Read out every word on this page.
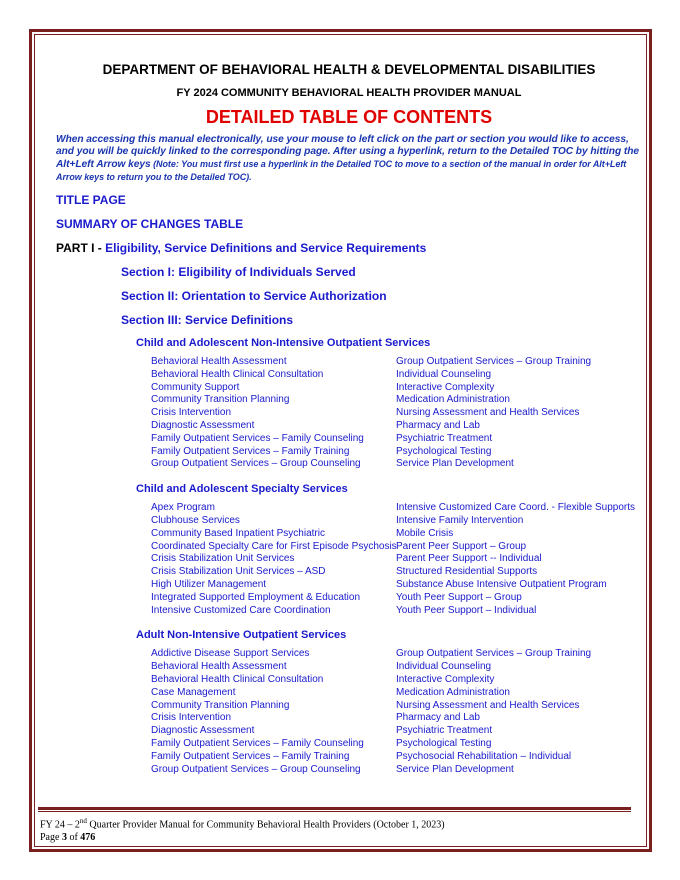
DEPARTMENT OF BEHAVIORAL HEALTH & DEVELOPMENTAL DISABILITIES
FY 2024 COMMUNITY BEHAVIORAL HEALTH PROVIDER MANUAL
DETAILED TABLE OF CONTENTS
When accessing this manual electronically, use your mouse to left click on the part or section you would like to access, and you will be quickly linked to the corresponding page. After using a hyperlink, return to the Detailed TOC by hitting the Alt+Left Arrow keys (Note: You must first use a hyperlink in the Detailed TOC to move to a section of the manual in order for Alt+Left Arrow keys to return you to the Detailed TOC).
TITLE PAGE
SUMMARY OF CHANGES TABLE
PART I - Eligibility, Service Definitions and Service Requirements
Section I: Eligibility of Individuals Served
Section II: Orientation to Service Authorization
Section III: Service Definitions
Child and Adolescent Non-Intensive Outpatient Services
Behavioral Health Assessment
Behavioral Health Clinical Consultation
Community Support
Community Transition Planning
Crisis Intervention
Diagnostic Assessment
Family Outpatient Services – Family Counseling
Family Outpatient Services – Family Training
Group Outpatient Services – Group Counseling
Group Outpatient Services – Group Training
Individual Counseling
Interactive Complexity
Medication Administration
Nursing Assessment and Health Services
Pharmacy and Lab
Psychiatric Treatment
Psychological Testing
Service Plan Development
Child and Adolescent Specialty Services
Apex Program
Clubhouse Services
Community Based Inpatient Psychiatric
Coordinated Specialty Care for First Episode Psychosis
Crisis Stabilization Unit Services
Crisis Stabilization Unit Services – ASD
High Utilizer Management
Integrated Supported Employment & Education
Intensive Customized Care Coordination
Intensive Customized Care Coord. - Flexible Supports
Intensive Family Intervention
Mobile Crisis
Parent Peer Support – Group
Parent Peer Support -- Individual
Structured Residential Supports
Substance Abuse Intensive Outpatient Program
Youth Peer Support – Group
Youth Peer Support – Individual
Adult Non-Intensive Outpatient Services
Addictive Disease Support Services
Behavioral Health Assessment
Behavioral Health Clinical Consultation
Case Management
Community Transition Planning
Crisis Intervention
Diagnostic Assessment
Family Outpatient Services – Family Counseling
Family Outpatient Services – Family Training
Group Outpatient Services – Group Counseling
Group Outpatient Services – Group Training
Individual Counseling
Interactive Complexity
Medication Administration
Nursing Assessment and Health Services
Pharmacy and Lab
Psychiatric Treatment
Psychological Testing
Psychosocial Rehabilitation – Individual
Service Plan Development
FY 24 – 2nd Quarter Provider Manual for Community Behavioral Health Providers (October 1, 2023)
Page 3 of 476
